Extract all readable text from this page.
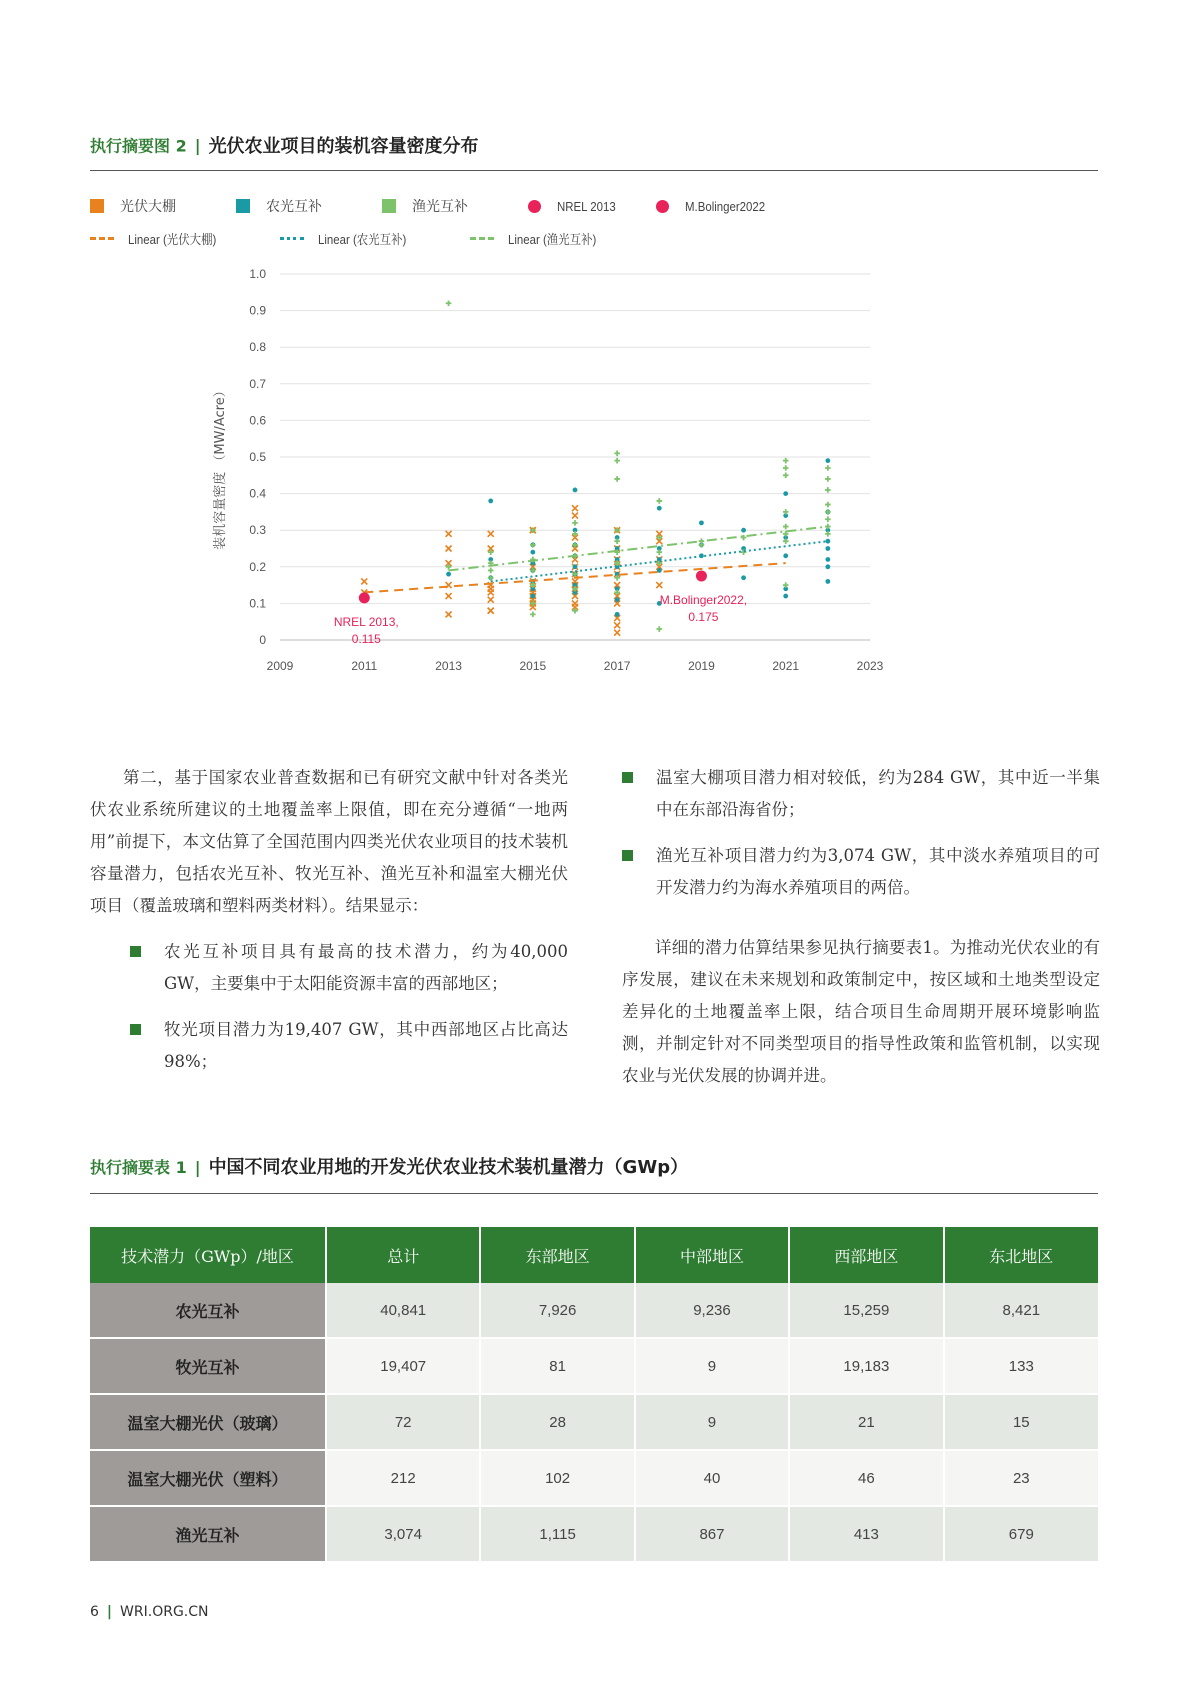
执行摘要图 2 | 光伏农业项目的装机容量密度分布
光伏大棚	农光互补	渔光互补	NREL 2013	M.Bolinger2022
Linear (光伏大棚)	Linear (农光互补)	Linear (渔光互补)
0
0.1
0.2
0.3
0.4
0.5
0.6
0.7
0.8
0.9
1.0
2009	2011	2013	2015	2017	2019	2021	2023
装机容量密度 （MW/Acre）
NREL 2013,
0.115
M.Bolinger2022,
0.175

第二，基于国家农业普查数据和已有研究文献中针对各类光伏农业系统所建议的土地覆盖率上限值，即在充分遵循“一地两用”前提下，本文估算了全国范围内四类光伏农业项目的技术装机容量潜力，包括农光互补、牧光互补、渔光互补和温室大棚光伏项目（覆盖玻璃和塑料两类材料）。结果显示：

农光互补项目具有最高的技术潜力，约为40,000 GW，主要集中于太阳能资源丰富的西部地区；
牧光项目潜力为19,407 GW，其中西部地区占比高达98%；
温室大棚项目潜力相对较低，约为284 GW，其中近一半集中在东部沿海省份；
渔光互补项目潜力约为3,074 GW，其中淡水养殖项目的可开发潜力约为海水养殖项目的两倍。

详细的潜力估算结果参见执行摘要表1。为推动光伏农业的有序发展，建议在未来规划和政策制定中，按区域和土地类型设定差异化的土地覆盖率上限，结合项目生命周期开展环境影响监测，并制定针对不同类型项目的指导性政策和监管机制，以实现农业与光伏发展的协调并进。

执行摘要表 1 | 中国不同农业用地的开发光伏农业技术装机量潜力（GWp）
技术潜力（GWp）/地区	总计	东部地区	中部地区	西部地区	东北地区
农光互补	40,841	7,926	9,236	15,259	8,421
牧光互补	19,407	81	9	19,183	133
温室大棚光伏（玻璃）	72	28	9	21	15
温室大棚光伏（塑料）	212	102	40	46	23
渔光互补	3,074	1,115	867	413	679
6 | WRI.ORG.CN
